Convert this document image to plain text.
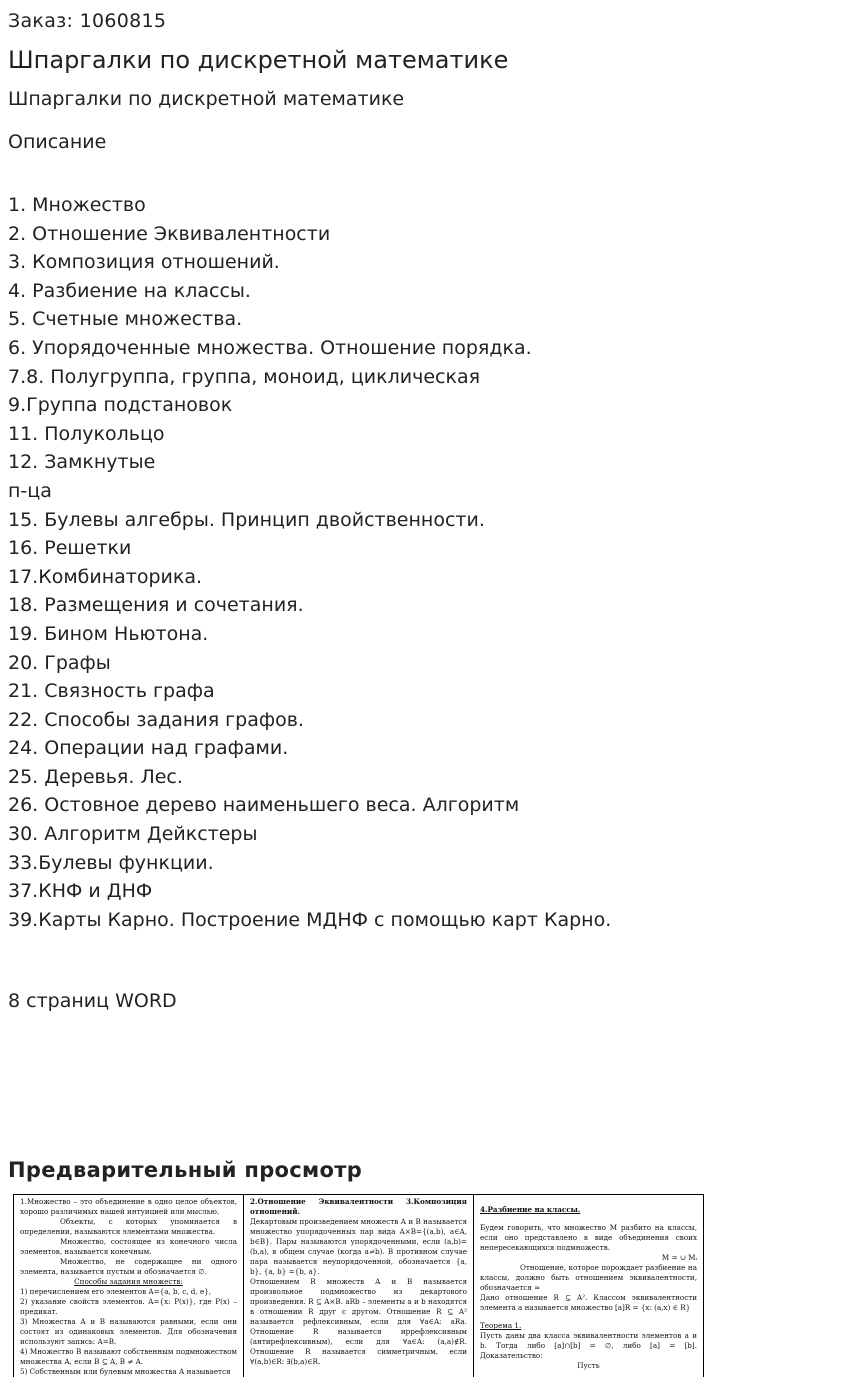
Заказ: 1060815
Шпаргалки по дискретной математике
Шпаргалки по дискретной математике
Описание
1. Множество
2. Отношение Эквивалентности
3. Композиция отношений.
4. Разбиение на классы.
5. Счетные множества.
6. Упорядоченные множества. Отношение порядка.
7.8. Полугруппа, группа, моноид, циклическая
9.Группа подстановок
11. Полукольцо
12. Замкнутые
п-ца
15. Булевы алгебры. Принцип двойственности.
16. Решетки
17.Комбинаторика.
18. Размещения и сочетания.
19. Бином Ньютона.
20. Графы
21. Связность графа
22. Способы задания графов.
24. Операции над графами.
25. Деревья. Лес.
26. Остовное дерево наименьшего веса. Алгоритм
30. Алгоритм Дейкстеры
33.Булевы функции.
37.КНФ и ДНФ
39.Карты Карно. Построение МДНФ с помощью карт Карно.
8 страниц WORD
Предварительный просмотр

1.Множество – это объединение в одно целое объектов, хорошо различимых нашей интуицией или мыслью.

Объекты, с которых упоминается в определении, называются элементами множества.

Множество, состоящее из конечного числа элементов, называется конечным.

Множество, не содержащее ни одного элемента, называется пустым и обозначается ∅.

Способы задания множеств:

1) перечислением его элементов A={a, b, c, d, e},

2) указание свойств элементов. A={x: P(x)}, где P(x) – предикат.

3) Множества А и В называются равными, если они состоят из одинаковых элементов. Для обозначения используют запись: A=B.

4) Множество В называют собственным подмножеством множества А, если B ⊆ A, B ≠ A.

5) Собственным или булевым множества А называется

2.Отношение Эквивалентности 3.Композиция отношений.

Декартовым произведением множеств А и В называется множество упорядоченных пар вида A×B={(a,b), a∈A, b∈B}. Пары называются упорядоченными, если (a,b)=(b,a), в общем случае (когда a≠b). В противном случае пара называется неупорядоченной, обозначается {a, b}, {a, b} ={b, a}.

Отношением R множеств А и В называется произвольное подмножество из декартового произведения. R ⊆ A×B. aRb – элементы a и b находятся в отношении R друг с другом. Отношение R ⊆ A² называется рефлексивным, если для ∀a∈A: aRa. Отношение R называется иррефлексивным (антирефлексивным), если для ∀a∈A: (a,a)∉R. Отношение R называется симметричным, если ∀(a,b)∈R: ∃(b,a)∈R.

4.Разбиение на классы.

Будем говорить, что множество М разбито на классы, если оно представлено в виде объединения своих непересекающихся подмножеств.

M = ∪ Mᵢ

Отношение, которое порождает разбиение на классы, должно быть отношением эквивалентности, обозначается ≈

Дано отношение R ⊆ A². Классом эквивалентности элемента a называется множество [a]R = {x: (a,x) ∈ R}

Теорема 1.

Пусть даны два класса эквивалентности элементов a и b. Тогда либо [a]∩[b] = ∅, либо [a] = [b]. Доказательство:

Пусть
